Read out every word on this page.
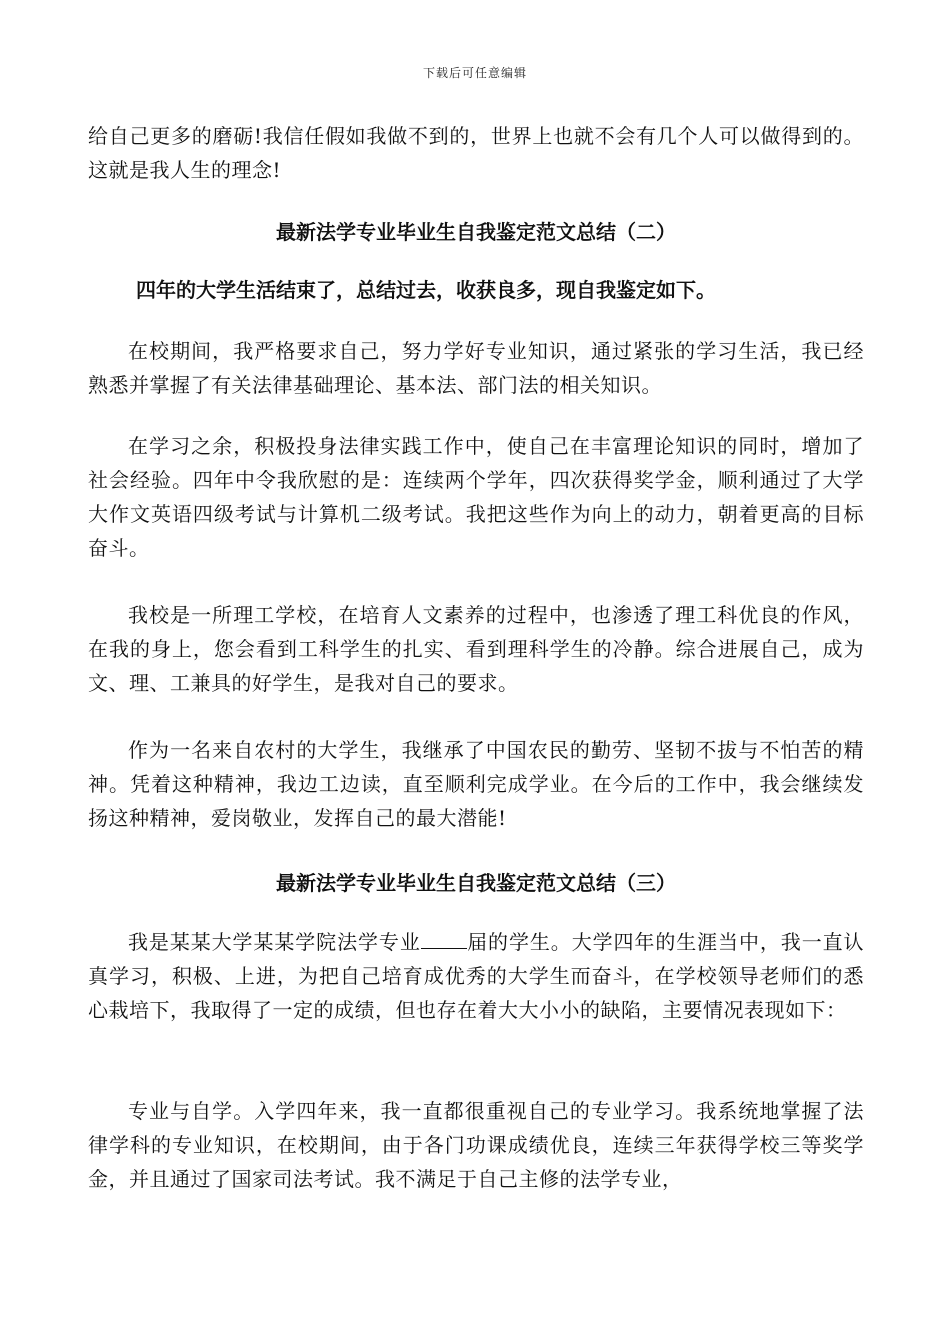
下载后可任意编辑

给自己更多的磨砺!我信任假如我做不到的，世界上也就不会有几个人可以做得到的。这就是我人生的理念!

最新法学专业毕业生自我鉴定范文总结（二）

四年的大学生活结束了，总结过去，收获良多，现自我鉴定如下。

在校期间，我严格要求自己，努力学好专业知识，通过紧张的学习生活，我已经熟悉并掌握了有关法律基础理论、基本法、部门法的相关知识。

在学习之余，积极投身法律实践工作中，使自己在丰富理论知识的同时，增加了社会经验。四年中令我欣慰的是：连续两个学年，四次获得奖学金，顺利通过了大学大作文英语四级考试与计算机二级考试。我把这些作为向上的动力，朝着更高的目标奋斗。

我校是一所理工学校，在培育人文素养的过程中，也渗透了理工科优良的作风，在我的身上，您会看到工科学生的扎实、看到理科学生的冷静。综合进展自己，成为文、理、工兼具的好学生，是我对自己的要求。

作为一名来自农村的大学生，我继承了中国农民的勤劳、坚韧不拔与不怕苦的精神。凭着这种精神，我边工边读，直至顺利完成学业。在今后的工作中，我会继续发扬这种精神，爱岗敬业，发挥自己的最大潜能!

最新法学专业毕业生自我鉴定范文总结（三）

我是某某大学某某学院法学专业 届的学生。大学四年的生涯当中，我一直认真学习，积极、上进，为把自己培育成优秀的大学生而奋斗，在学校领导老师们的悉心栽培下，我取得了一定的成绩，但也存在着大大小小的缺陷，主要情况表现如下：

专业与自学。入学四年来，我一直都很重视自己的专业学习。我系统地掌握了法律学科的专业知识，在校期间，由于各门功课成绩优良，连续三年获得学校三等奖学金，并且通过了国家司法考试。我不满足于自己主修的法学专业，
